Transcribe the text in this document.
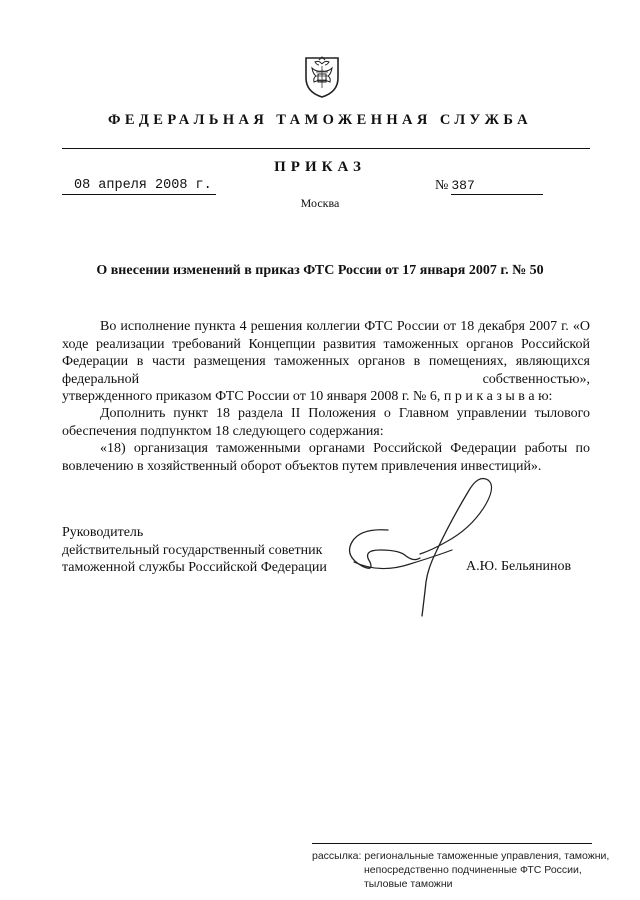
ФЕДЕРАЛЬНАЯ ТАМОЖЕННАЯ СЛУЖБА
ПРИКАЗ
08 апреля 2008 г.	№ 387
Москва
О внесении изменений в приказ ФТС России от 17 января 2007 г. № 50
Во исполнение пункта 4 решения коллегии ФТС России от 18 декабря 2007 г. «О ходе реализации требований Концепции развития таможенных органов Российской Федерации в части размещения таможенных органов в помещениях, являющихся федеральной собственностью»,
утвержденного приказом ФТС России от 10 января 2008 г. № 6, п р и к а з ы в а ю:
Дополнить пункт 18 раздела II Положения о Главном управлении тылового обеспечения подпунктом 18 следующего содержания:
«18) организация таможенными органами Российской Федерации работы по вовлечению в хозяйственный оборот объектов путем привлечения инвестиций».
Руководитель
действительный государственный советник
таможенной службы Российской Федерации	А.Ю. Бельянинов
рассылка: региональные таможенные управления, таможни,
непосредственно подчиненные ФТС России,
тыловые таможни
